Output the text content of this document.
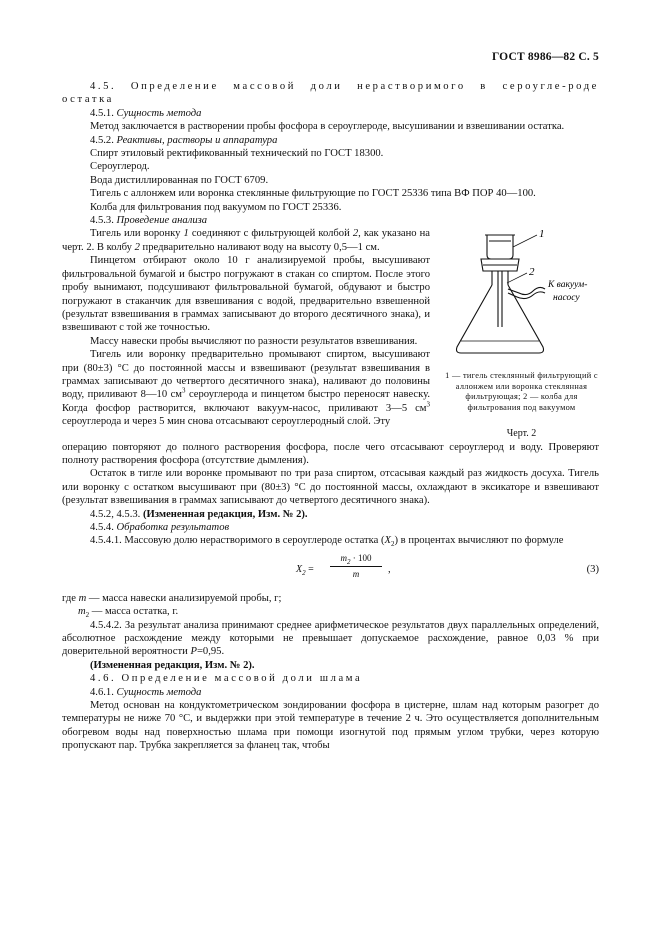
ГОСТ 8986—82 С. 5

4.5. Определение массовой доли нерастворимого в сероугле-роде остатка

4.5.1. Сущность метода

Метод заключается в растворении пробы фосфора в сероуглероде, высушивании и взвешивании остатка.

4.5.2. Реактивы, растворы и аппаратура

Спирт этиловый ректификованный технический по ГОСТ 18300.

Сероуглерод.

Вода дистиллированная по ГОСТ 6709.

Тигель с аллонжем или воронка стеклянные фильтрующие по ГОСТ 25336 типа ВФ ПОР 40—100.

Колба для фильтрования под вакуумом по ГОСТ 25336.

4.5.3. Проведение анализа

Тигель или воронку 1 соединяют с фильтрующей колбой 2, как указано на черт. 2. В колбу 2 предварительно наливают воду на высоту 0,5—1 см.

Пинцетом отбирают около 10 г анализируемой пробы, высушивают фильтровальной бумагой и быстро погружают в стакан со спиртом. После этого пробу вынимают, подсушивают фильтровальной бумагой, обдувают и быстро погружают в стаканчик для взвешивания с водой, предварительно взвешенной (результат взвешивания в граммах записывают до второго десятичного знака), и взвешивают с той же точностью.

Массу навески пробы вычисляют по разности результатов взвешивания.

Тигель или воронку предварительно промывают спиртом, высушивают при (80±3) °С до постоянной массы и взвешивают (результат взвешивания в граммах записывают до четвертого десятичного знака), наливают до половины воду, приливают 8—10 $см^3$ сероуглерода и пинцетом быстро переносят навеску. Когда фосфор растворится, включают вакуум-насос, приливают 3—5 $см^3$ сероуглерода и через 5 мин снова отсасывают сероуглеродный слой. Эту

1
2
К вакуум-
насосу
1 — тигель стеклянный фильтрующий с аллонжем или воронка стеклянная фильтрующая; 2 — колба для фильтрования под вакуумом
Черт. 2

операцию повторяют до полного растворения фосфора, после чего отсасывают сероуглерод и воду. Проверяют полноту растворения фосфора (отсутствие дымления).

Остаток в тигле или воронке промывают по три раза спиртом, отсасывая каждый раз жидкость досуха. Тигель или воронку с остатком высушивают при (80±3) °С до постоянной массы, охлаждают в эксикаторе и взвешивают (результат взвешивания в граммах записывают до четвертого десятичного знака).

4.5.2, 4.5.3. (Измененная редакция, Изм. № 2).

4.5.4. Обработка результатов

4.5.4.1. Массовую долю нерастворимого в сероуглероде остатка $(X_2)$ в процентах вычисляют по формуле

$X_2 = \frac{m_2 \cdot 100}{m}$ ,	(3)

где m — масса навески анализируемой пробы, г;

$m_2$ — масса остатка, г.

4.5.4.2. За результат анализа принимают среднее арифметическое результатов двух параллельных определений, абсолютное расхождение между которыми не превышает допускаемое расхождение, равное 0,03 % при доверительной вероятности P=0,95.

(Измененная редакция, Изм. № 2).

4.6. Определение массовой доли шлама

4.6.1. Сущность метода

Метод основан на кондуктометрическом зондировании фосфора в цистерне, шлам над которым разогрет до температуры не ниже 70 °С, и выдержки при этой температуре в течение 2 ч. Это осуществляется дополнительным обогревом воды над поверхностью шлама при помощи изогнутой под прямым углом трубки, через которую пропускают пар. Трубка закрепляется за фланец так, чтобы
